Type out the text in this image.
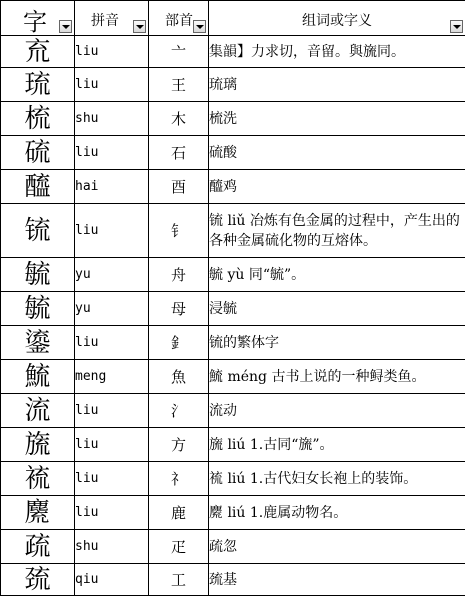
字	拼音	部首	组词或字义

㐬	liu	亠	集韻】力求切，音留。與旒同。
琉	liu	王	琉璃
梳	shu	木	梳洗
硫	liu	石	硫酸
醯	hai	酉	醯鸡
锍	liu	钅	锍 liǔ 冶炼有色金属的过程中，产生出的各种金属硫化物的互熔体。
毓	yu	舟	毓 yù 同“毓”。
毓	yu	母	浸毓
鎏	liu	釒	锍的繁体字
鯍	meng	魚	鯍 méng 古书上说的一种鲟类鱼。
流	liu	氵	流动
旒	liu	方	旒 liú 1.古同“旒”。
裗	liu	礻	裗 liú 1.古代妇女长袍上的装饰。
麍	liu	鹿	麍 liú 1.鹿属动物名。
疏	shu	疋	疏忽
巯	qiu	工	巯基
